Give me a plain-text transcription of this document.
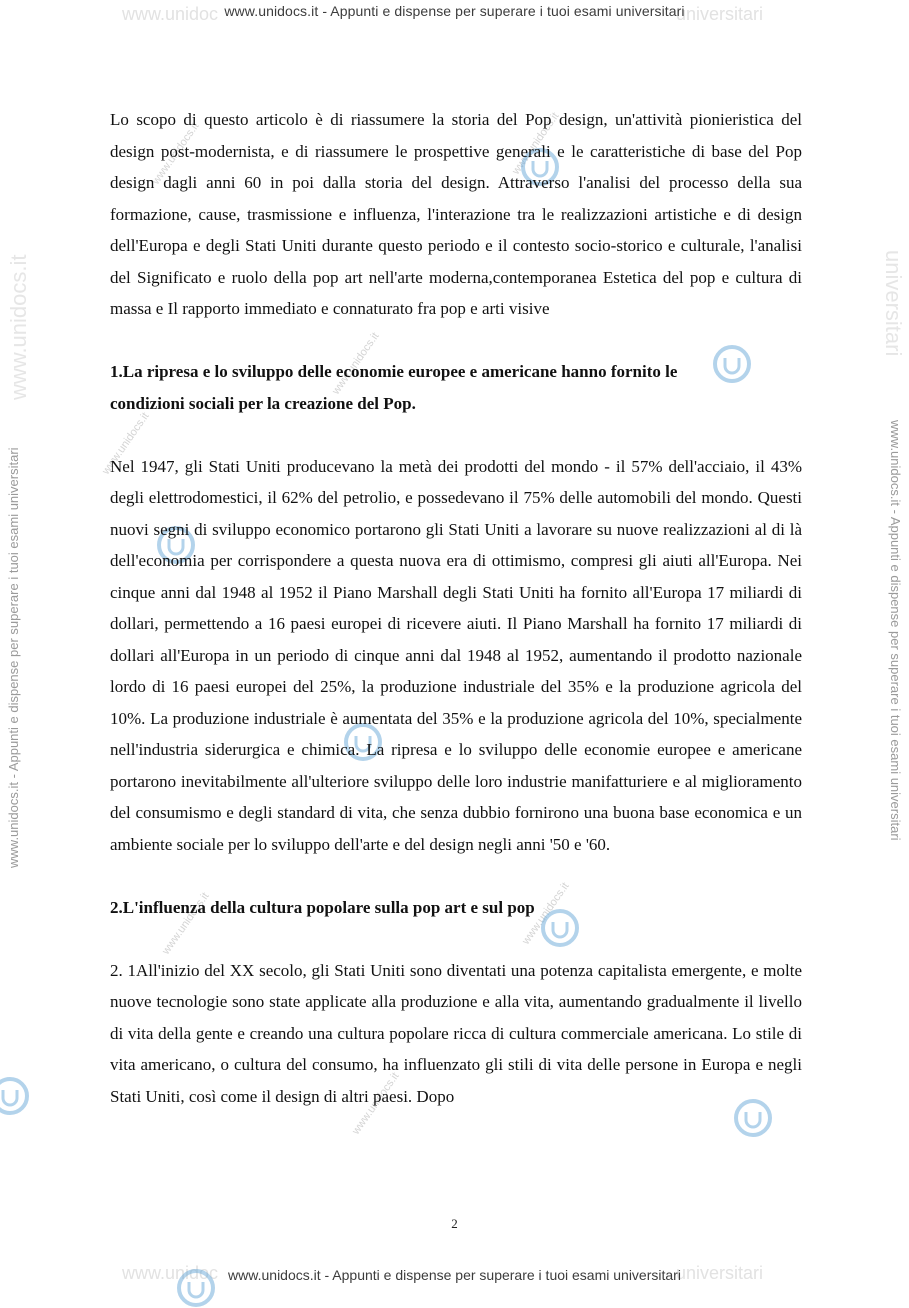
www.unidoc	universitari
www.unidoc	universitari
www.unidocs.it - Appunti e dispense per superare i tuoi esami universitari
www.unidocs.it - Appunti e dispense per superare i tuoi esami universitari
www.unidocs.it - Appunti e dispense per superare i tuoi esami universitari	www.unidocs.it - Appunti e dispense per superare i tuoi esami universitari
www.unidocs.it	universitari
www.unidocs.it
www.unidocs.it
www.unidocs.it
www.unidocs.it
www.unidocs.it	www.unidocs.it
www.unidocs.it

Lo scopo di questo articolo è di riassumere la storia del Pop design, un'attività pionieristica del design post-modernista, e di riassumere le prospettive generali e le caratteristiche di base del Pop design dagli anni 60 in poi dalla storia del design. Attraverso l'analisi del processo della sua formazione, cause, trasmissione e influenza, l'interazione tra le realizzazioni artistiche e di design dell'Europa e degli Stati Uniti durante questo periodo e il contesto socio-storico e culturale, l'analisi del Significato e ruolo della pop art nell'arte moderna,contemporanea Estetica del pop e cultura di massa e Il rapporto immediato e connaturato fra pop e arti visive

1.La ripresa e lo sviluppo delle economie europee e americane hanno fornito le
condizioni sociali per la creazione del Pop.

Nel 1947, gli Stati Uniti producevano la metà dei prodotti del mondo - il 57% dell'acciaio, il 43% degli elettrodomestici, il 62% del petrolio, e possedevano il 75% delle automobili del mondo. Questi nuovi segni di sviluppo economico portarono gli Stati Uniti a lavorare su nuove realizzazioni al di là dell'economia per corrispondere a questa nuova era di ottimismo, compresi gli aiuti all'Europa. Nei cinque anni dal 1948 al 1952 il Piano Marshall degli Stati Uniti ha fornito all'Europa 17 miliardi di dollari, permettendo a 16 paesi europei di ricevere aiuti. Il Piano Marshall ha fornito 17 miliardi di dollari all'Europa in un periodo di cinque anni dal 1948 al 1952, aumentando il prodotto nazionale lordo di 16 paesi europei del 25%, la produzione industriale del 35% e la produzione agricola del 10%. La produzione industriale è aumentata del 35% e la produzione agricola del 10%, specialmente nell'industria siderurgica e chimica. La ripresa e lo sviluppo delle economie europee e americane portarono inevitabilmente all'ulteriore sviluppo delle loro industrie manifatturiere e al miglioramento del consumismo e degli standard di vita, che senza dubbio fornirono una buona base economica e un ambiente sociale per lo sviluppo dell'arte e del design negli anni '50 e '60.

2.L'influenza della cultura popolare sulla pop art e sul pop

2. 1All'inizio del XX secolo, gli Stati Uniti sono diventati una potenza capitalista emergente, e molte nuove tecnologie sono state applicate alla produzione e alla vita, aumentando gradualmente il livello di vita della gente e creando una cultura popolare ricca di cultura commerciale americana. Lo stile di vita americano, o cultura del consumo, ha influenzato gli stili di vita delle persone in Europa e negli Stati Uniti, così come il design di altri paesi. Dopo

2
